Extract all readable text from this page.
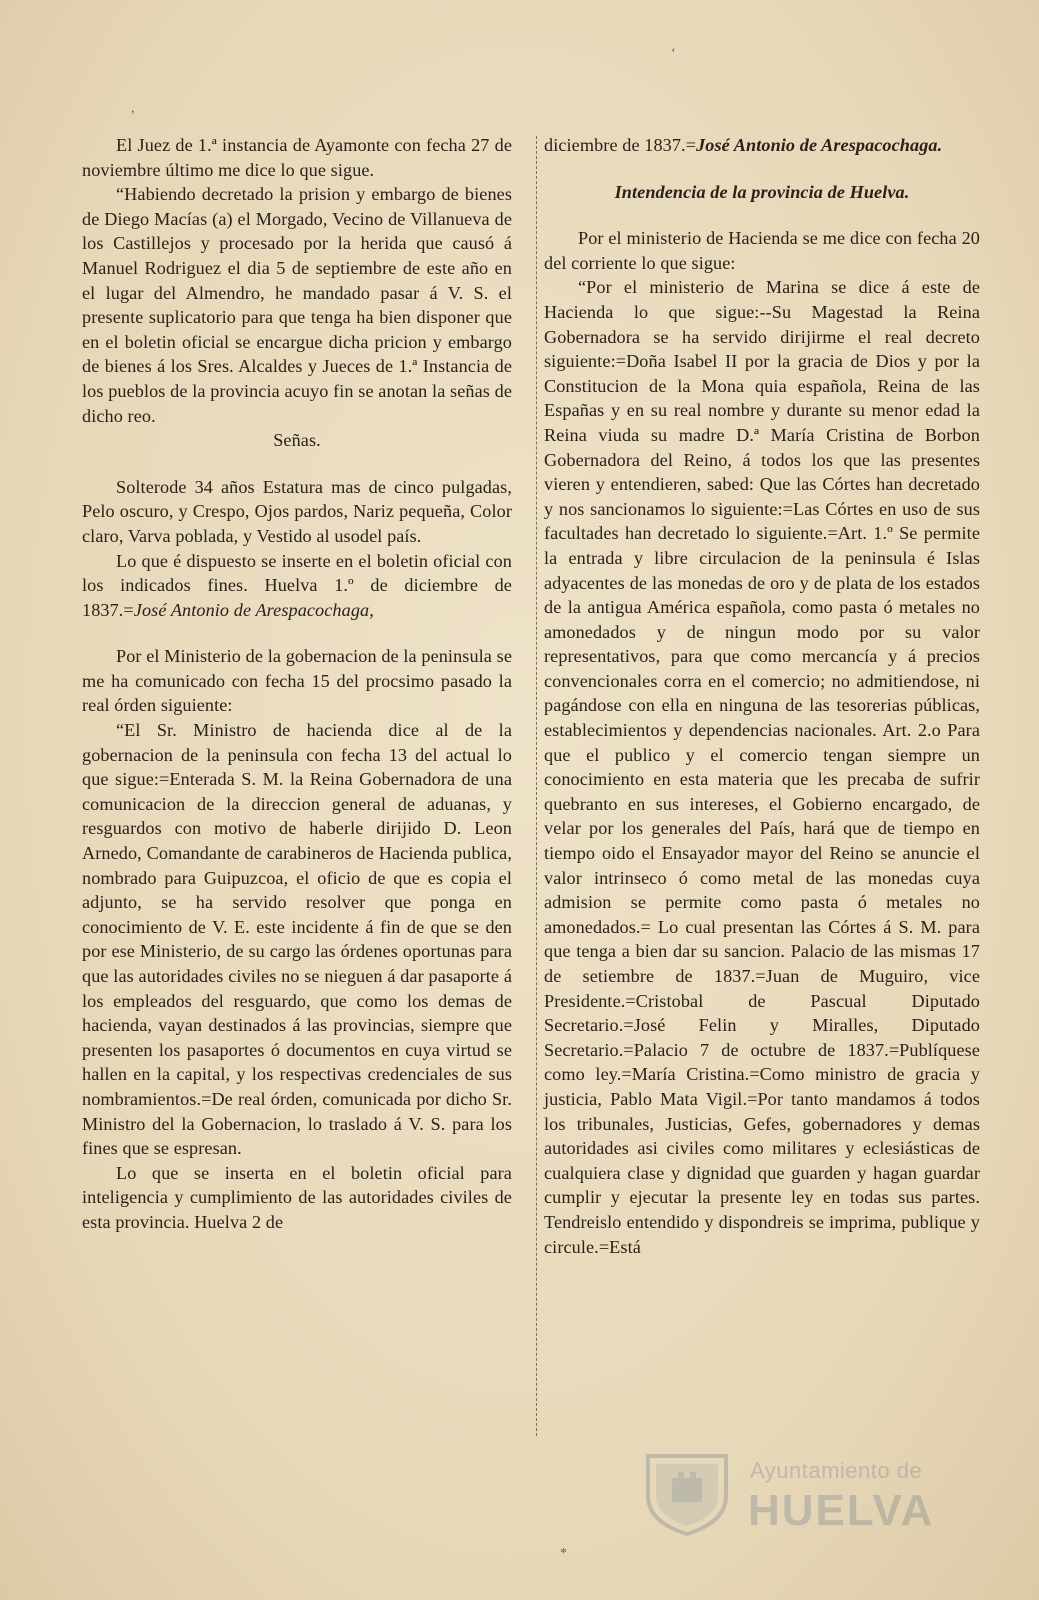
‘
,

El Juez de 1.ª instancia de Ayamonte con fecha 27 de noviembre último me dice lo que sigue.

“Habiendo decretado la prision y embargo de bienes de Diego Macías (a) el Morgado, Vecino de Villanueva de los Castillejos y procesado por la herida que causó á Manuel Rodriguez el dia 5 de septiembre de este año en el lugar del Almendro, he mandado pasar á V. S. el presente suplicatorio para que tenga ha bien disponer que en el boletin oficial se encargue dicha pricion y embargo de bienes á los Sres. Alcaldes y Jueces de 1.ª Instancia de los pueblos de la provincia acuyo fin se anotan la señas de dicho reo.

Señas.

Solterode 34 años Estatura mas de cinco pulgadas, Pelo oscuro, y Crespo, Ojos pardos, Nariz pequeña, Color claro, Varva poblada, y Vestido al usodel país.

Lo que é dispuesto se inserte en el boletin oficial con los indicados fines. Huelva 1.º de diciembre de 1837.=José Antonio de Arespacochaga,

Por el Ministerio de la gobernacion de la peninsula se me ha comunicado con fecha 15 del procsimo pasado la real órden siguiente:

“El Sr. Ministro de hacienda dice al de la gobernacion de la peninsula con fecha 13 del actual lo que sigue:=Enterada S. M. la Reina Gobernadora de una comunicacion de la direccion general de aduanas, y resguardos con motivo de haberle dirijido D. Leon Arnedo, Comandante de carabineros de Hacienda publica, nombrado para Guipuzcoa, el oficio de que es copia el adjunto, se ha servido resolver que ponga en conocimiento de V. E. este incidente á fin de que se den por ese Ministerio, de su cargo las órdenes oportunas para que las autoridades civiles no se nieguen á dar pasaporte á los empleados del resguardo, que como los demas de hacienda, vayan destinados á las provincias, siempre que presenten los pasaportes ó documentos en cuya virtud se hallen en la capital, y los respectivas credenciales de sus nombramientos.=De real órden, comunicada por dicho Sr. Ministro del la Gobernacion, lo traslado á V. S. para los fines que se espresan.

Lo que se inserta en el boletin oficial para inteligencia y cumplimiento de las autoridades civiles de esta provincia. Huelva 2 de

diciembre de 1837.=José Antonio de Arespacochaga.

Intendencia de la provincia de Huelva.

Por el ministerio de Hacienda se me dice con fecha 20 del corriente lo que sigue:

“Por el ministerio de Marina se dice á este de Hacienda lo que sigue:--Su Magestad la Reina Gobernadora se ha servido dirijirme el real decreto siguiente:=Doña Isabel II por la gracia de Dios y por la Constitucion de la Mona quia española, Reina de las Españas y en su real nombre y durante su menor edad la Reina viuda su madre D.ª María Cristina de Borbon Gobernadora del Reino, á todos los que las presentes vieren y entendieren, sabed: Que las Córtes han decretado y nos sancionamos lo siguiente:=Las Córtes en uso de sus facultades han decretado lo siguiente.=Art. 1.º Se permite la entrada y libre circulacion de la peninsula é Islas adyacentes de las monedas de oro y de plata de los estados de la antigua América española, como pasta ó metales no amonedados y de ningun modo por su valor representativos, para que como mercancía y á precios convencionales corra en el comercio; no admitiendose, ni pagándose con ella en ninguna de las tesorerias públicas, establecimientos y dependencias nacionales. Art. 2.o Para que el publico y el comercio tengan siempre un conocimiento en esta materia que les precaba de sufrir quebranto en sus intereses, el Gobierno encargado, de velar por los generales del País, hará que de tiempo en tiempo oido el Ensayador mayor del Reino se anuncie el valor intrinseco ó como metal de las monedas cuya admision se permite como pasta ó metales no amonedados.= Lo cual presentan las Córtes á S. M. para que tenga a bien dar su sancion. Palacio de las mismas 17 de setiembre de 1837.=Juan de Muguiro, vice Presidente.=Cristobal de Pascual Diputado Secretario.=José Felin y Miralles, Diputado Secretario.=Palacio 7 de octubre de 1837.=Publíquese como ley.=María Cristina.=Como ministro de gracia y justicia, Pablo Mata Vigil.=Por tanto mandamos á todos los tribunales, Justicias, Gefes, gobernadores y demas autoridades asi civiles como militares y eclesiásticas de cualquiera clase y dignidad que guarden y hagan guardar cumplir y ejecutar la presente ley en todas sus partes. Tendreislo entendido y dispondreis se imprima, publique y circule.=Está

*
Ayuntamiento de
HUELVA
